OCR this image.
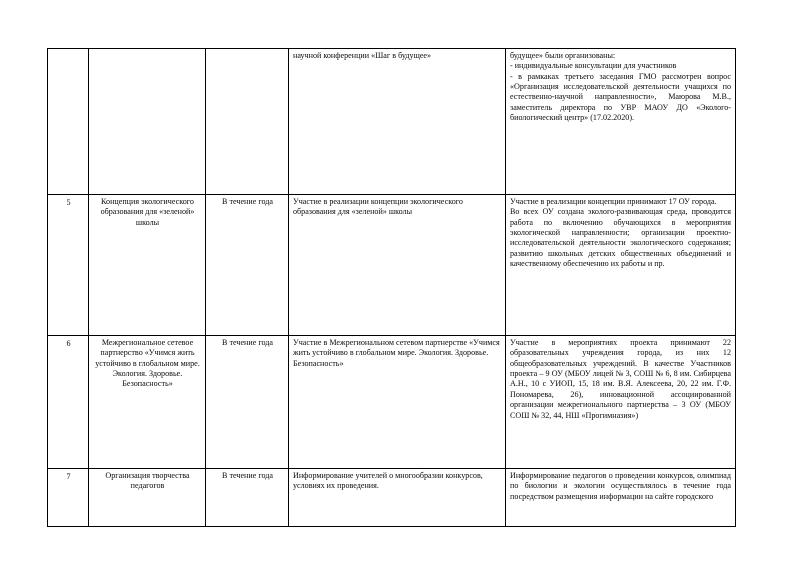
			научной конференции «Шаг в будущее»	будущее» были организованы:

- индивидуальные консультации для участников

- в рамкаках третьего заседания ГМО рассмотрен вопрос «Организация исследовательской деятельности учащихся по естественно-научной направленности», Маюрова М.В., заместитель директора по УВР МАОУ ДО «Эколого-биологический центр» (17.02.2020).

5	Концепция экологического образования для «зеленой» школы	В течение года	Участие в реализации концепции экологического образования для «зеленой» школы	Участие в реализации концепции принимают 17 ОУ города.

Во всех ОУ создана эколого-развивающая среда, проводится работа по включению обучающихся в мероприятия экологической направленности; организации проектно-исследовательской деятельности экологического содержания; развитию школьных детских общественных объединений и качественному обеспечению их работы и пр.

6	Межрегиональное сетевое партнерство «Учимся жить устойчиво в глобальном мире. Экология. Здоровье. Безопасность»	В течение года	Участие в Межрегиональном сетевом партнерстве «Учимся жить устойчиво в глобальном мире. Экология. Здоровье. Безопасность»	Участие в мероприятиях проекта принимают 22 образовательных учреждения города, из них 12 общеобразовательных учреждений. В качестве Участников проекта – 9 ОУ (МБОУ лицей № 3, СОШ № 6, 8 им. Сибирцева А.Н., 10 с УИОП, 15, 18 им. В.Я. Алексеева, 20, 22 им. Г.Ф. Пономарева, 26), инновационной ассоциированной организации межрегионального партнерства – 3 ОУ (МБОУ СОШ № 32, 44, НШ «Прогимназия»)

7	Организация творчества педагогов	В течение года	Информирование учителей о многообразии конкурсов, условиях их проведения.	Информирование педагогов о проведении конкурсов, олимпиад по биологии и экологии осуществлялось в течение года посредством размещения информации на сайте городского
